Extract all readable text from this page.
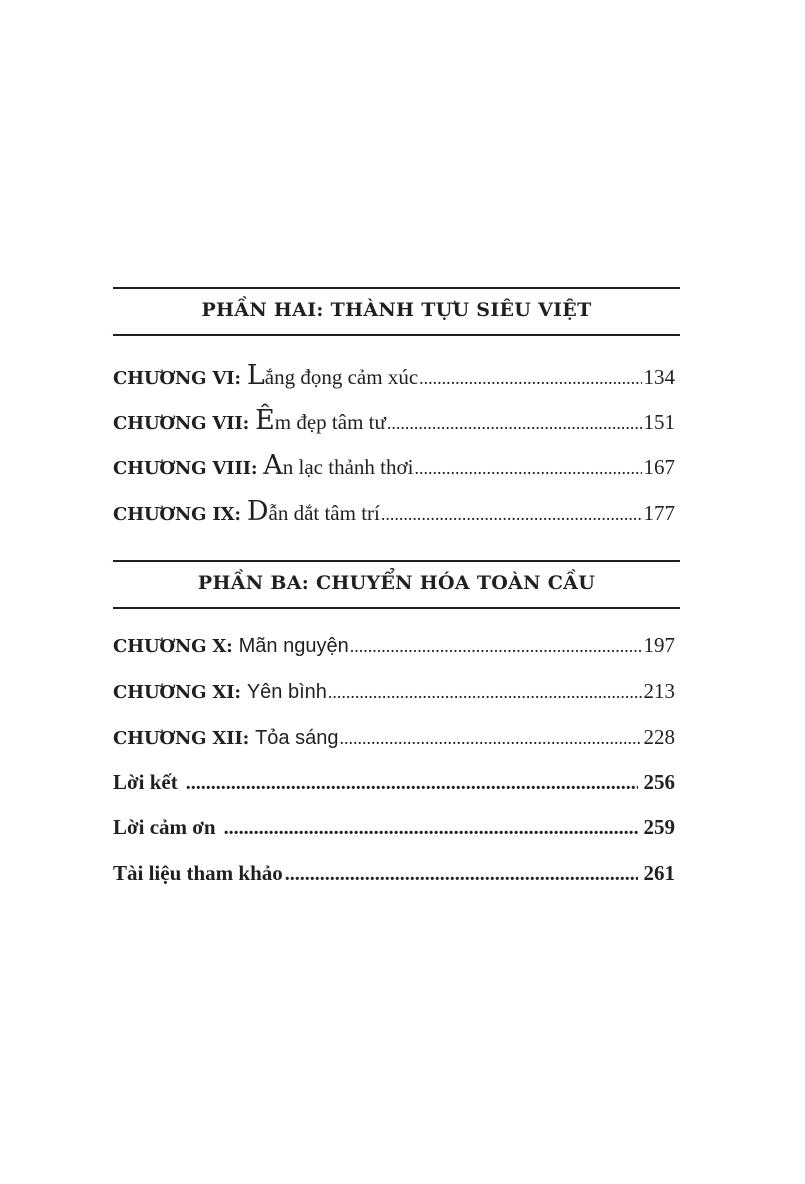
PHẦN HAI: THÀNH TỰU SIÊU VIỆT
CHƯƠNG VI: L ắng đọng cảm xúc .....	134
CHƯƠNG VII: Ê m đẹp tâm tư .....	151
CHƯƠNG VIII: A n lạc thảnh thơi .....	167
CHƯƠNG IX: D ẫn dắt tâm trí .....	177
PHẦN BA: CHUYỂN HÓA TOÀN CẦU
CHƯƠNG X: Mãn nguyện .....	197
CHƯƠNG XI: Yên bình .....	213
CHƯƠNG XII: Tỏa sáng .....	228
Lời kết .....	256
Lời cảm ơn .....	259
Tài liệu tham khảo .....	261
